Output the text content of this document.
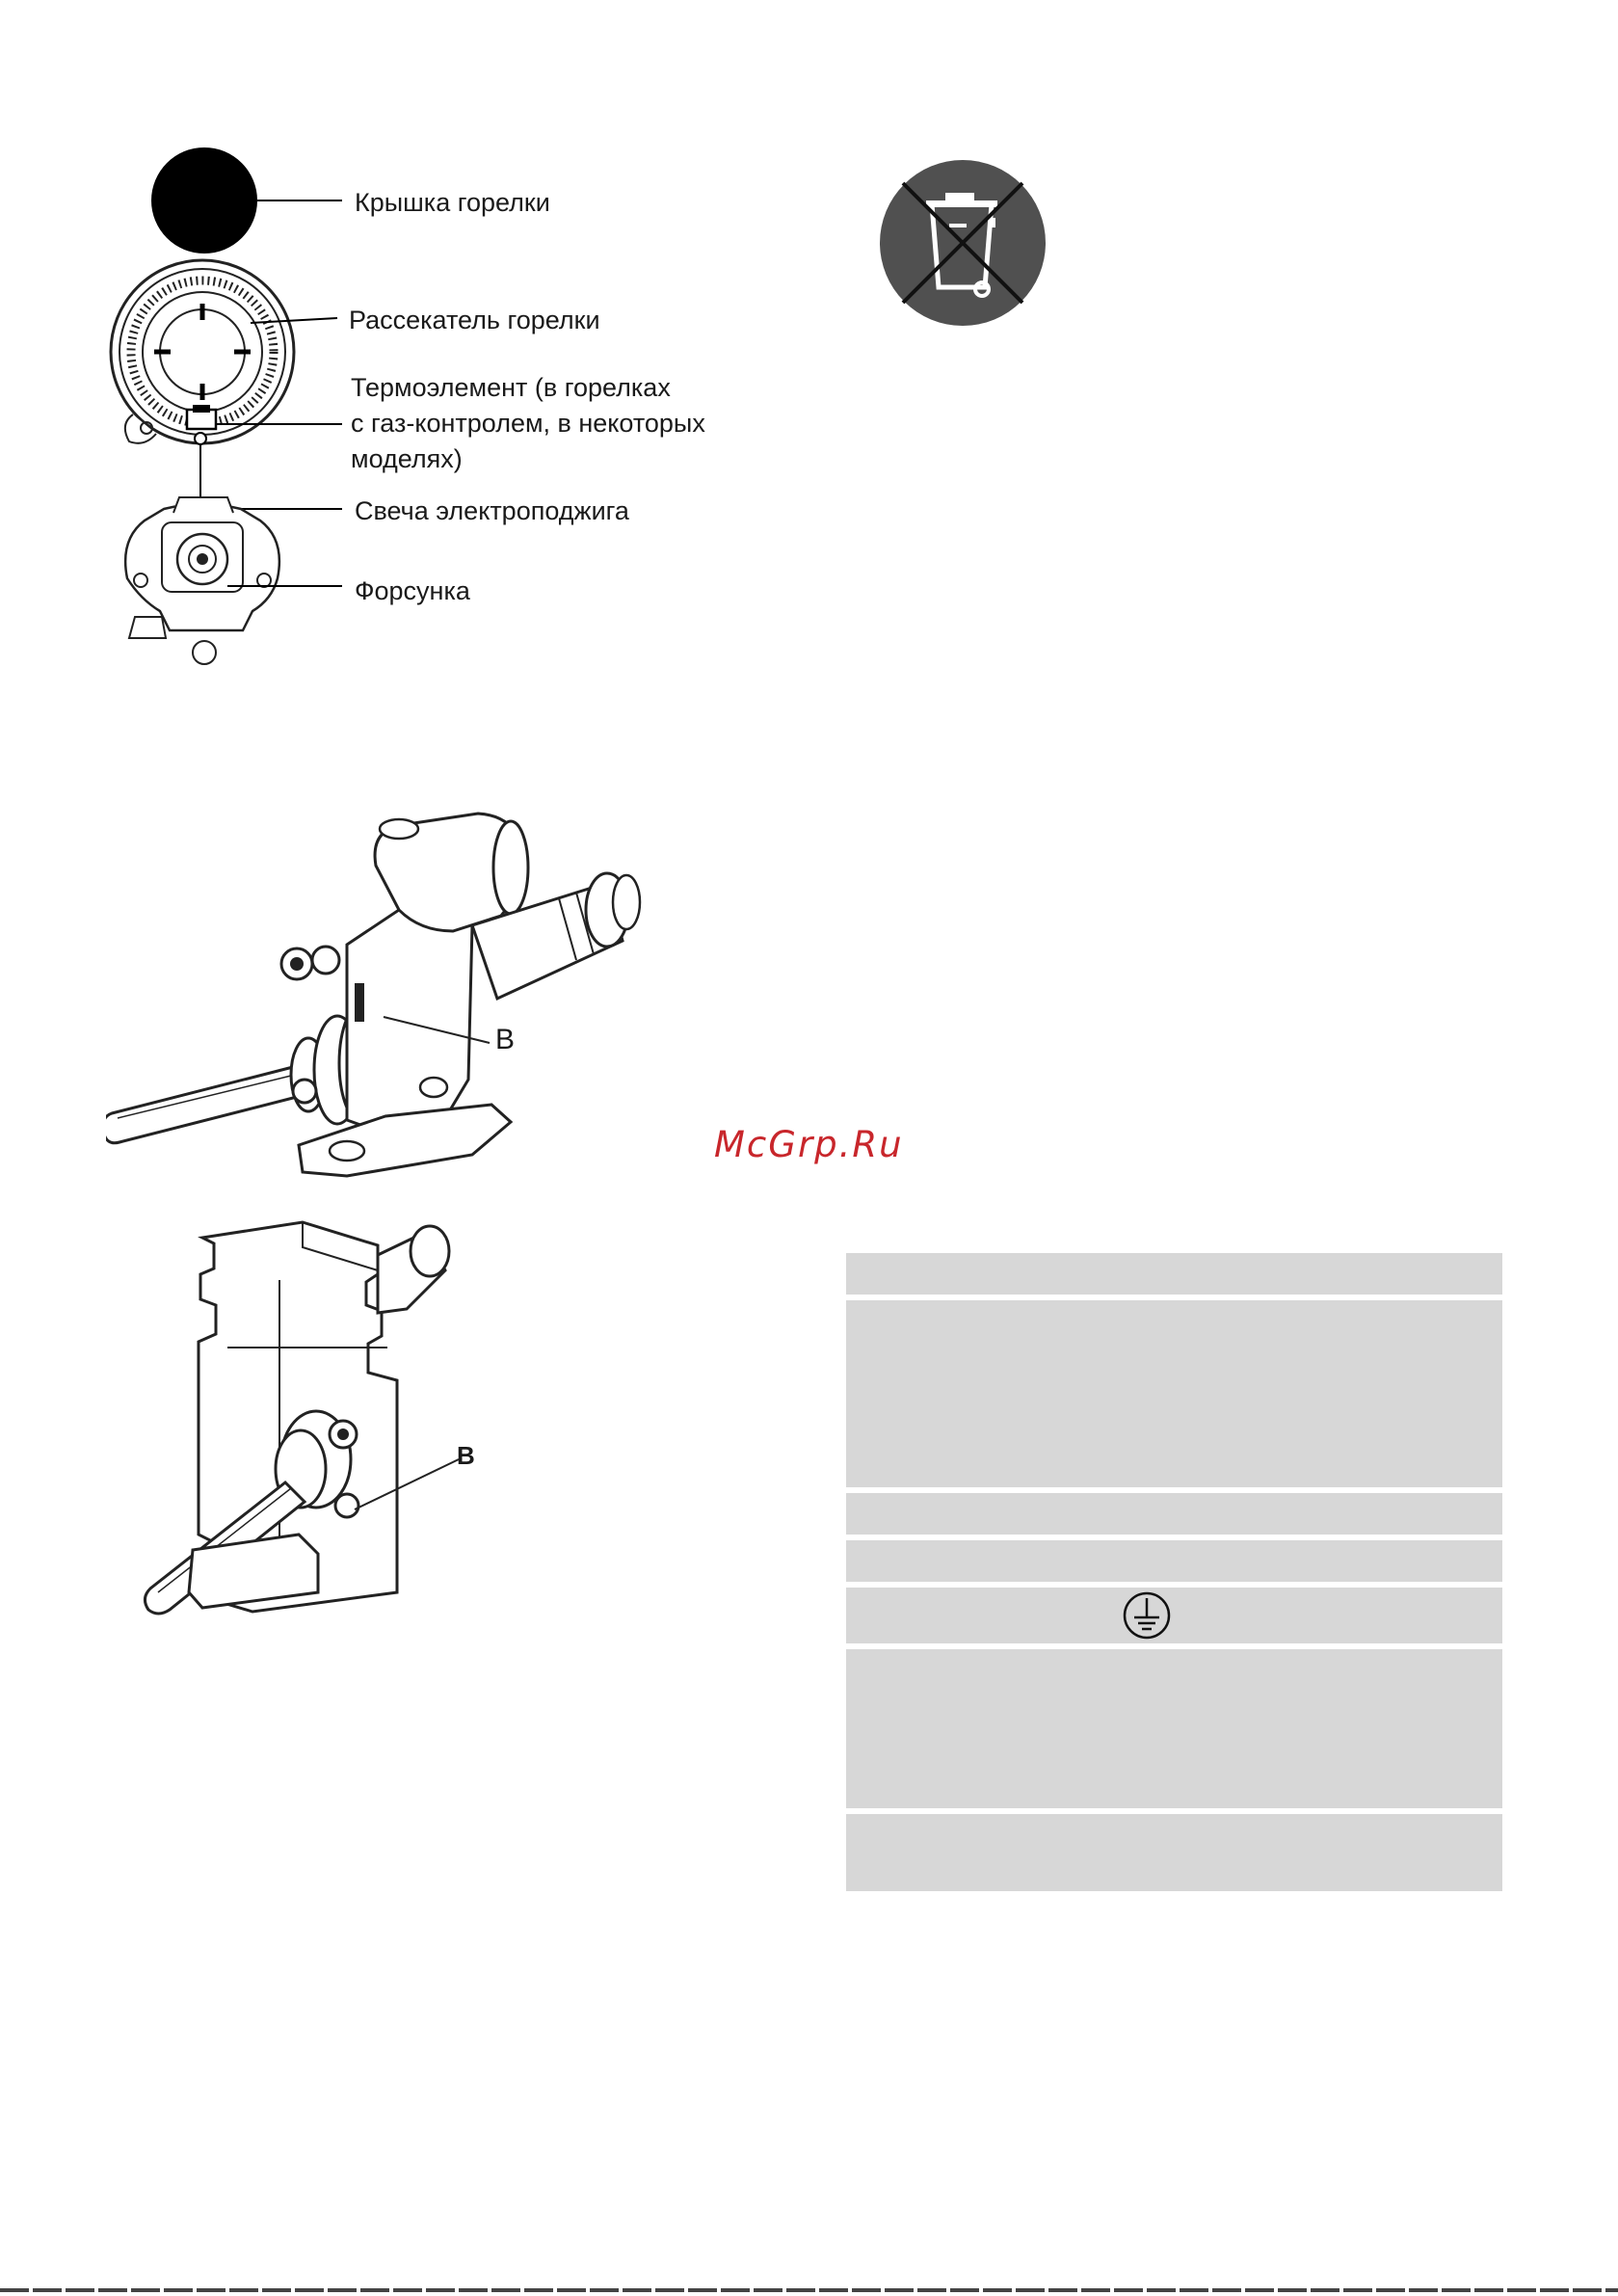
Крышка горелки
Рассекатель горелки
Термоэлемент (в горелках
с газ-контролем, в некоторых
моделях)
Свеча электроподжига
Форсунка
B
McGrp.Ru
B
